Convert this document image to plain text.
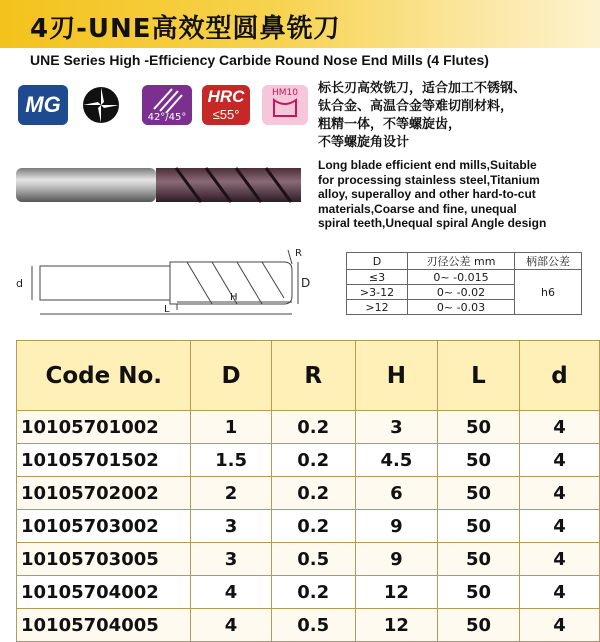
4刃-UNE高效型圆鼻铣刀
UNE Series High -Efficiency Carbide Round Nose End Mills (4 Flutes)
MG
42°/45°
HRC
≤55°
HM10	标长刃高效铣刀，适合加工不锈钢、
钛合金、高温合金等难切削材料，
粗精一体，不等螺旋齿，
不等螺旋角设计
Long blade efficient end mills,Suitable
for processing stainless steel,Titanium
alloy, superalloy and other hard-to-cut
materials,Coarse and fine, unequal
spiral teeth,Unequal spiral Angle design
d	D
R
H
L
D	刃径公差 mm	柄部公差
≤3	0~ -0.015	h6
>3-12	0~ -0.02	
>12	0~ -0.03	
Code No.	D	R	H	L	d
10105701002	1	0.2	3	50	4
10105701502	1.5	0.2	4.5	50	4
10105702002	2	0.2	6	50	4
10105703002	3	0.2	9	50	4
10105703005	3	0.5	9	50	4
10105704002	4	0.2	12	50	4
10105704005	4	0.5	12	50	4
